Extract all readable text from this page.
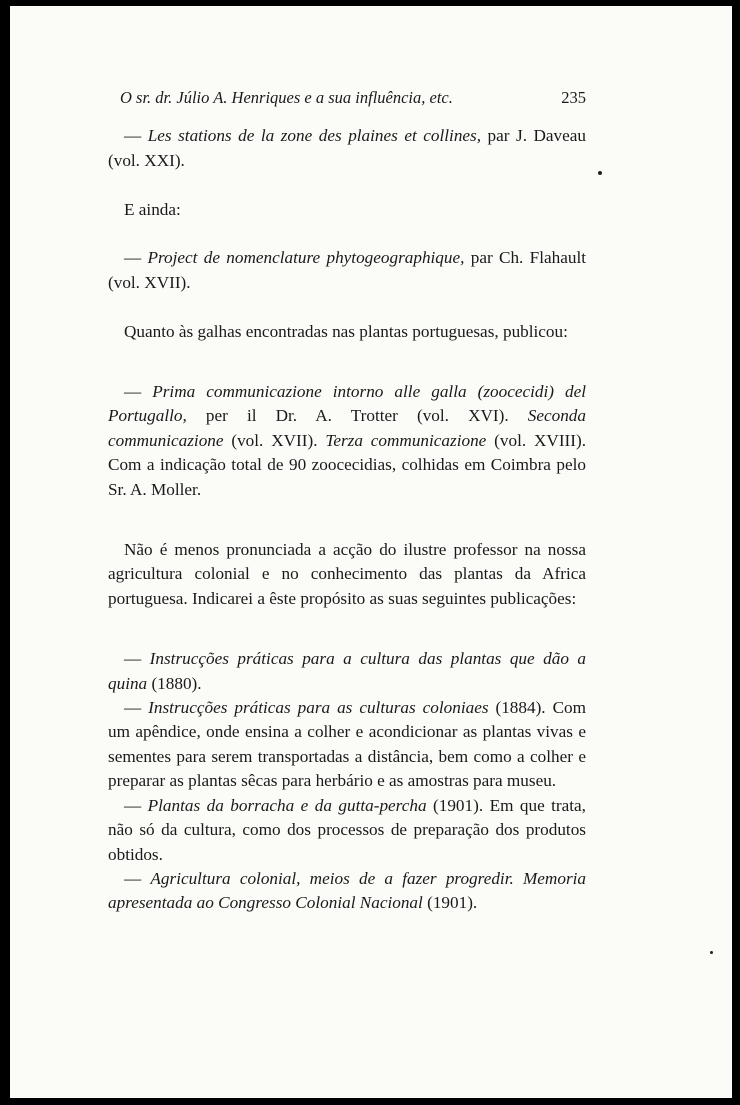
O sr. dr. Júlio A. Henriques e a sua influência, etc.	235

— Les stations de la zone des plaines et collines, par J. Daveau (vol. XXI).

E ainda:

— Project de nomenclature phytogeographique, par Ch. Flahault (vol. XVII).

Quanto às galhas encontradas nas plantas portuguesas, publicou:

— Prima communicazione intorno alle galla (zoocecidi) del Portugallo, per il Dr. A. Trotter (vol. XVI). Seconda communicazione (vol. XVII). Terza communicazione (vol. XVIII). Com a indicação total de 90 zoocecidias, colhidas em Coimbra pelo Sr. A. Moller.

Não é menos pronunciada a acção do ilustre professor na nossa agricultura colonial e no conhecimento das plantas da Africa portuguesa. Indicarei a êste propósito as suas seguintes publicações:

— Instrucções práticas para a cultura das plantas que dão a quina (1880).

— Instrucções práticas para as culturas coloniaes (1884). Com um apêndice, onde ensina a colher e acondicionar as plantas vivas e sementes para serem transportadas a distância, bem como a colher e preparar as plantas sêcas para herbário e as amostras para museu.

— Plantas da borracha e da gutta-percha (1901). Em que trata, não só da cultura, como dos processos de preparação dos produtos obtidos.

— Agricultura colonial, meios de a fazer progredir. Memoria apresentada ao Congresso Colonial Nacional (1901).
